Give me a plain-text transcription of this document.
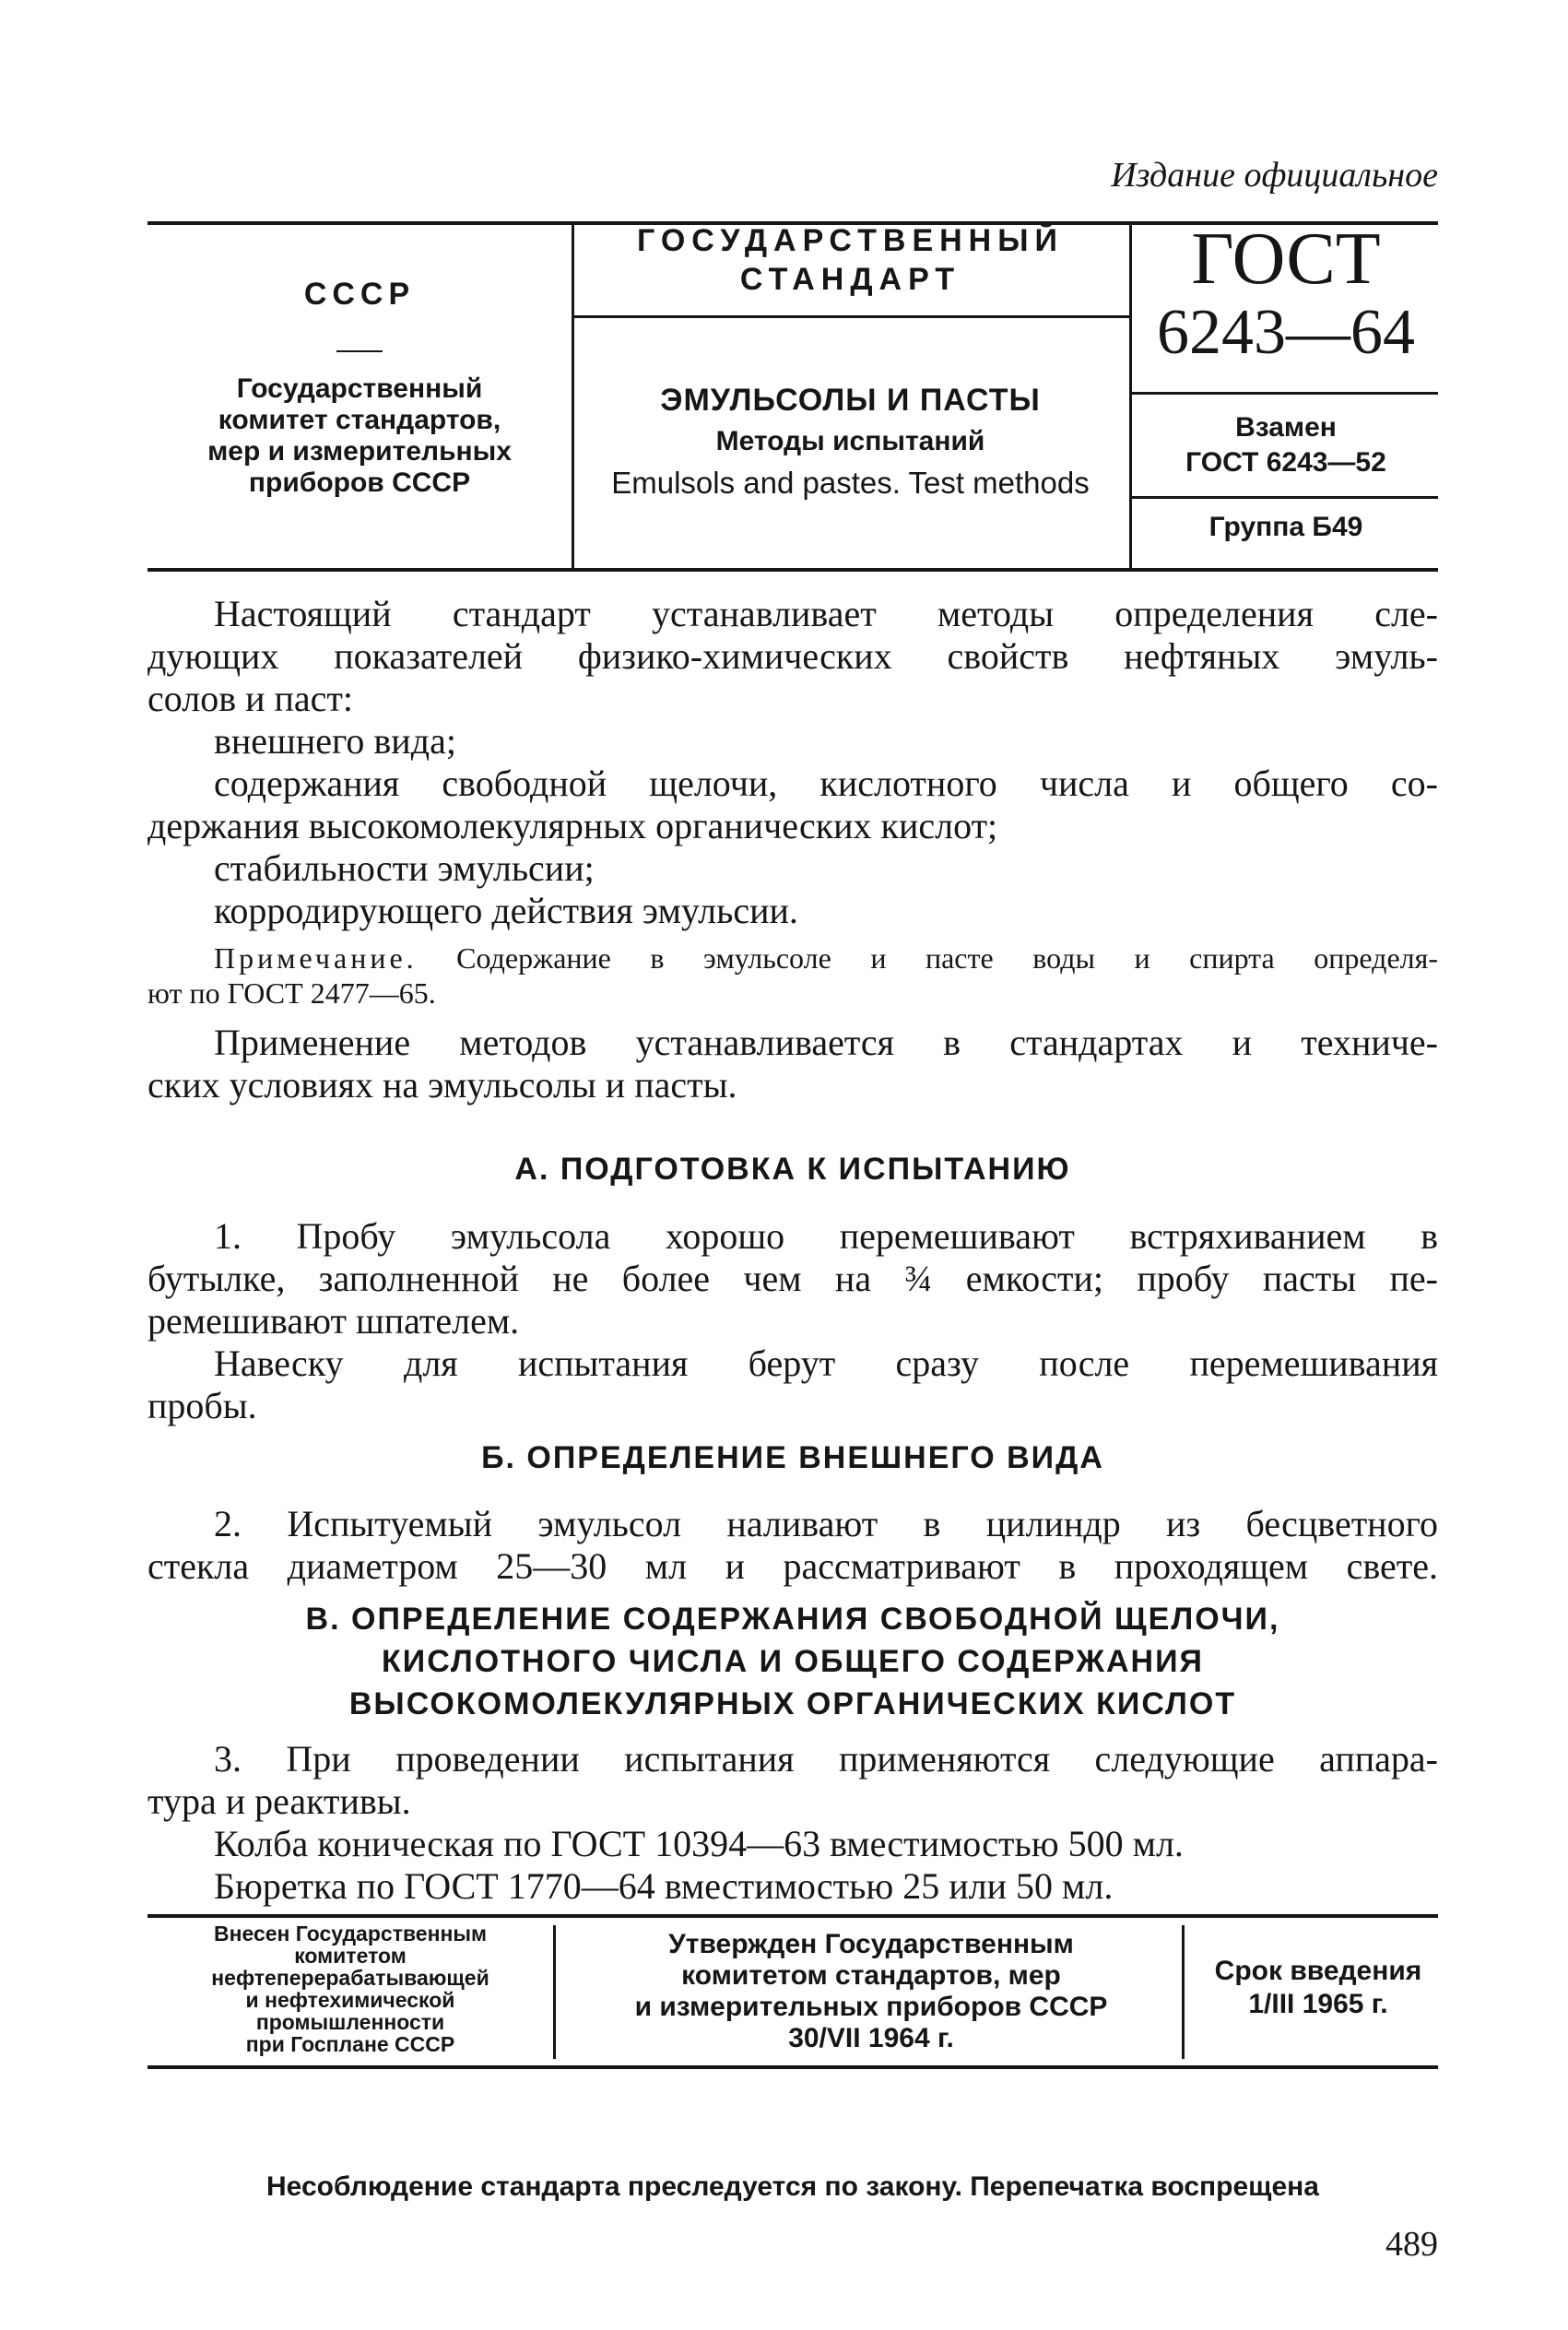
Издание официальное
СССР
Государственный
комитет стандартов,
мер и измерительных
приборов СССР
ГОСУДАРСТВЕННЫЙ
СТАНДАРТ
ЭМУЛЬСОЛЫ И ПАСТЫ
Методы испытаний
Emulsols and pastes. Test methods
ГОСТ
6243—64
Взамен
ГОСТ 6243—52
Группа Б49
Настоящий стандарт устанавливает методы определения сле-
дующих показателей физико-химических свойств нефтяных эмуль-
солов и паст:
внешнего вида;
содержания свободной щелочи, кислотного числа и общего со-
держания высокомолекулярных органических кислот;
стабильности эмульсии;
корродирующего действия эмульсии.
Примечание. Содержание в эмульсоле и пасте воды и спирта определя-
ют по ГОСТ 2477—65.
Применение методов устанавливается в стандартах и техниче-
ских условиях на эмульсолы и пасты.
А. ПОДГОТОВКА К ИСПЫТАНИЮ
1. Пробу эмульсола хорошо перемешивают встряхиванием в
бутылке, заполненной не более чем на ¾ емкости; пробу пасты пе-
ремешивают шпателем.
Навеску для испытания берут сразу после перемешивания
пробы.
Б. ОПРЕДЕЛЕНИЕ ВНЕШНЕГО ВИДА
2. Испытуемый эмульсол наливают в цилиндр из бесцветного
стекла диаметром 25—30 мл и рассматривают в проходящем свете.
В. ОПРЕДЕЛЕНИЕ СОДЕРЖАНИЯ СВОБОДНОЙ ЩЕЛОЧИ,
КИСЛОТНОГО ЧИСЛА И ОБЩЕГО СОДЕРЖАНИЯ
ВЫСОКОМОЛЕКУЛЯРНЫХ ОРГАНИЧЕСКИХ КИСЛОТ
3. При проведении испытания применяются следующие аппара-
тура и реактивы.
Колба коническая по ГОСТ 10394—63 вместимостью 500 мл.
Бюретка по ГОСТ 1770—64 вместимостью 25 или 50 мл.
Внесен Государственным
комитетом
нефтеперерабатывающей
и нефтехимической
промышленности
при Госплане СССР
Утвержден Государственным
комитетом стандартов, мер
и измерительных приборов СССР
30/VII 1964 г.
Срок введения
1/III 1965 г.
Несоблюдение стандарта преследуется по закону. Перепечатка воспрещена
489
